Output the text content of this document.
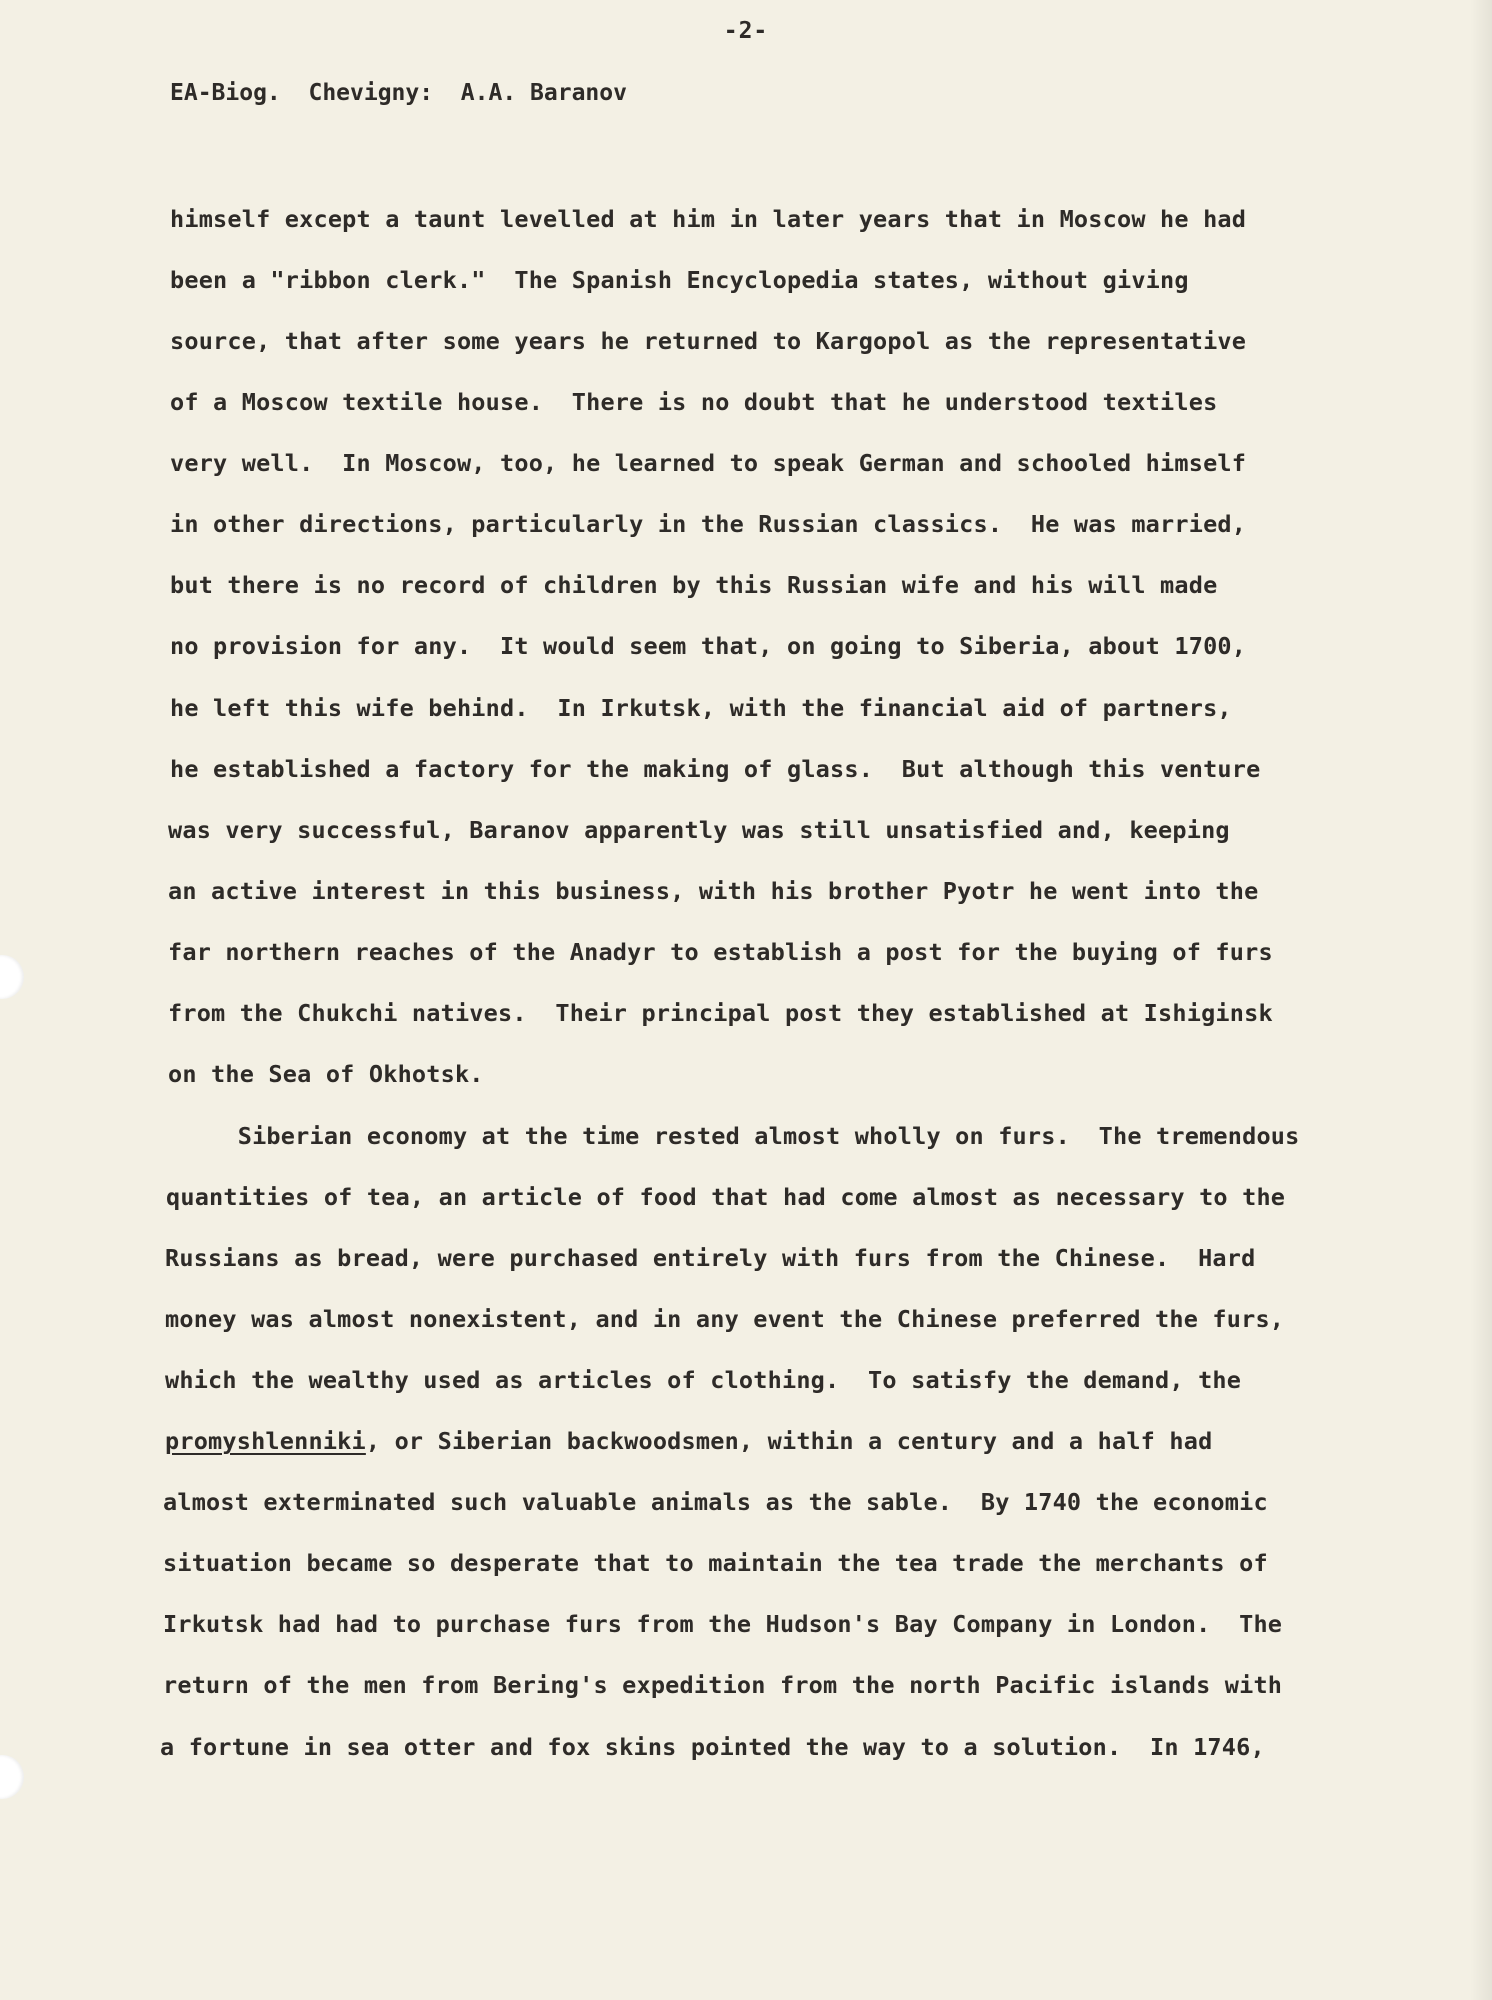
-2-
EA-Biog.  Chevigny:  A.A. Baranov
himself except a taunt levelled at him in later years that in Moscow he had
been a "ribbon clerk."  The Spanish Encyclopedia states, without giving
source, that after some years he returned to Kargopol as the representative
of a Moscow textile house.  There is no doubt that he understood textiles
very well.  In Moscow, too, he learned to speak German and schooled himself
in other directions, particularly in the Russian classics.  He was married,
but there is no record of children by this Russian wife and his will made
no provision for any.  It would seem that, on going to Siberia, about 1700,
he left this wife behind.  In Irkutsk, with the financial aid of partners,
he established a factory for the making of glass.  But although this venture
was very successful, Baranov apparently was still unsatisfied and, keeping
an active interest in this business, with his brother Pyotr he went into the
far northern reaches of the Anadyr to establish a post for the buying of furs
from the Chukchi natives.  Their principal post they established at Ishiginsk
on the Sea of Okhotsk.
Siberian economy at the time rested almost wholly on furs.  The tremendous
quantities of tea, an article of food that had come almost as necessary to the
Russians as bread, were purchased entirely with furs from the Chinese.  Hard
money was almost nonexistent, and in any event the Chinese preferred the furs,
which the wealthy used as articles of clothing.  To satisfy the demand, the
promyshlenniki, or Siberian backwoodsmen, within a century and a half had
almost exterminated such valuable animals as the sable.  By 1740 the economic
situation became so desperate that to maintain the tea trade the merchants of
Irkutsk had had to purchase furs from the Hudson's Bay Company in London.  The
return of the men from Bering's expedition from the north Pacific islands with
a fortune in sea otter and fox skins pointed the way to a solution.  In 1746,
